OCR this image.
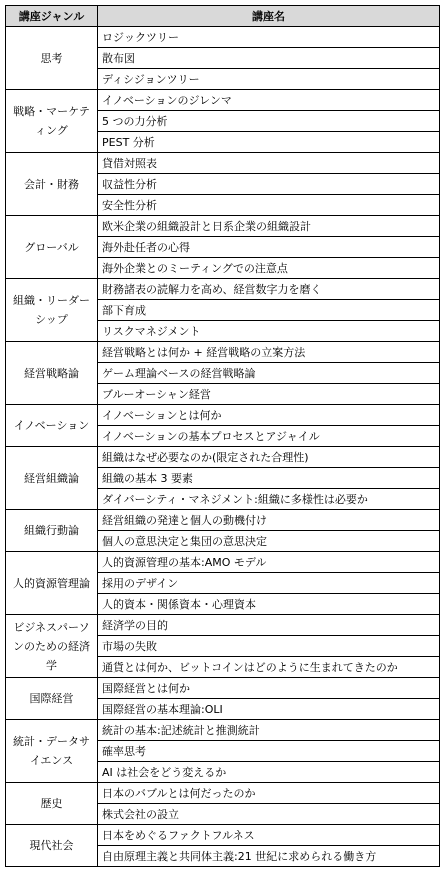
講座ジャンル	講座名
思考	ロジックツリー
	散布図
	ディシジョンツリー
戦略・マーケティング	イノベーションのジレンマ
	5 つの力分析
	PEST 分析
会計・財務	貸借対照表
	収益性分析
	安全性分析
グローバル	欧米企業の組織設計と日系企業の組織設計
	海外赴任者の心得
	海外企業とのミーティングでの注意点
組織・リーダーシップ	財務諸表の読解力を高め、経営数字力を磨く
	部下育成
	リスクマネジメント
経営戦略論	経営戦略とは何か + 経営戦略の立案方法
	ゲーム理論ベースの経営戦略論
	ブルーオーシャン経営
イノベーション	イノベーションとは何か
	イノベーションの基本プロセスとアジャイル
経営組織論	組織はなぜ必要なのか(限定された合理性)
	組織の基本 3 要素
	ダイバーシティ・マネジメント:組織に多様性は必要か
組織行動論	経営組織の発達と個人の動機付け
	個人の意思決定と集団の意思決定
人的資源管理論	人的資源管理の基本:AMO モデル
	採用のデザイン
	人的資本・関係資本・心理資本
ビジネスパーソンのための経済学	経済学の目的
	市場の失敗
	通貨とは何か、ビットコインはどのように生まれてきたのか
国際経営	国際経営とは何か
	国際経営の基本理論:OLI
統計・データサイエンス	統計の基本:記述統計と推測統計
	確率思考
	AI は社会をどう変えるか
歴史	日本のバブルとは何だったのか
	株式会社の設立
現代社会	日本をめぐるファクトフルネス
	自由原理主義と共同体主義:21 世紀に求められる働き方
